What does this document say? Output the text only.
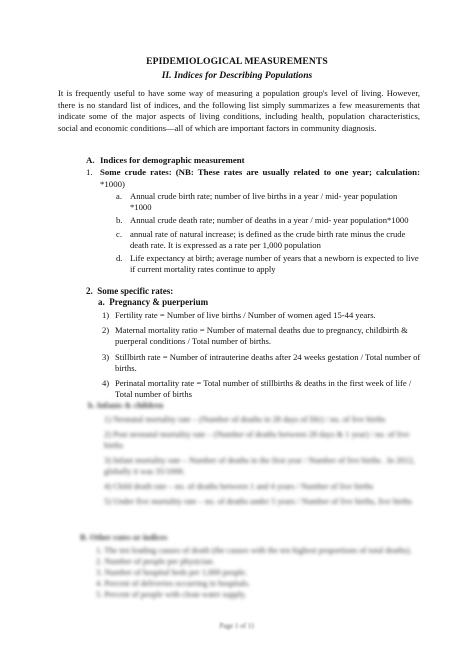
EPIDEMIOLOGICAL MEASUREMENTS
II. Indices for Describing Populations
It is frequently useful to have some way of measuring a population group's level of living. However, there is no standard list of indices, and the following list simply summarizes a few measurements that indicate some of the major aspects of living conditions, including health, population characteristics, social and economic conditions—all of which are important factors in community diagnosis.
A. Indices for demographic measurement
1. Some crude rates: (NB: These rates are usually related to one year; calculation: *1000)
a. Annual crude birth rate; number of live births in a year / mid- year population *1000
b. Annual crude death rate; number of deaths in a year / mid- year population*1000
c. annual rate of natural increase; is defined as the crude birth rate minus the crude death rate. It is expressed as a rate per 1,000 population
d. Life expectancy at birth; average number of years that a newborn is expected to live if current mortality rates continue to apply
2. Some specific rates:
a. Pregnancy & puerperium
1) Fertility rate = Number of live births / Number of women aged 15-44 years.
2) Maternal mortality ratio = Number of maternal deaths due to pregnancy, childbirth & puerperal conditions / Total number of births.
3) Stillbirth rate = Number of intrauterine deaths after 24 weeks gestation / Total number of births.
4) Perinatal mortality rate = Total number of stillbirths & deaths in the first week of life / Total number of births
b. Infants & children
1) Neonatal mortality rate – (Number of deaths in 28 days of life) / no. of live births
2) Post neonatal mortality rate – (Number of deaths between 28 days & 1 year) / no. of live births
3) Infant mortality rate – Number of deaths in the first year / Number of live births . In 2012, globally it was 35/1000.
4) Child death rate – no. of deaths between 1 and 4 years / Number of live births
5) Under five mortality rate – no. of deaths under 5 years / Number of live births, live births
B. Other rates or indices
1. The ten leading causes of death (the causes with the ten highest proportions of total deaths).
2. Number of people per physician.
3. Number of hospital beds per 1,000 people.
4. Percent of deliveries occurring in hospitals.
5. Percent of people with clean water supply.
Page 1 of 11
